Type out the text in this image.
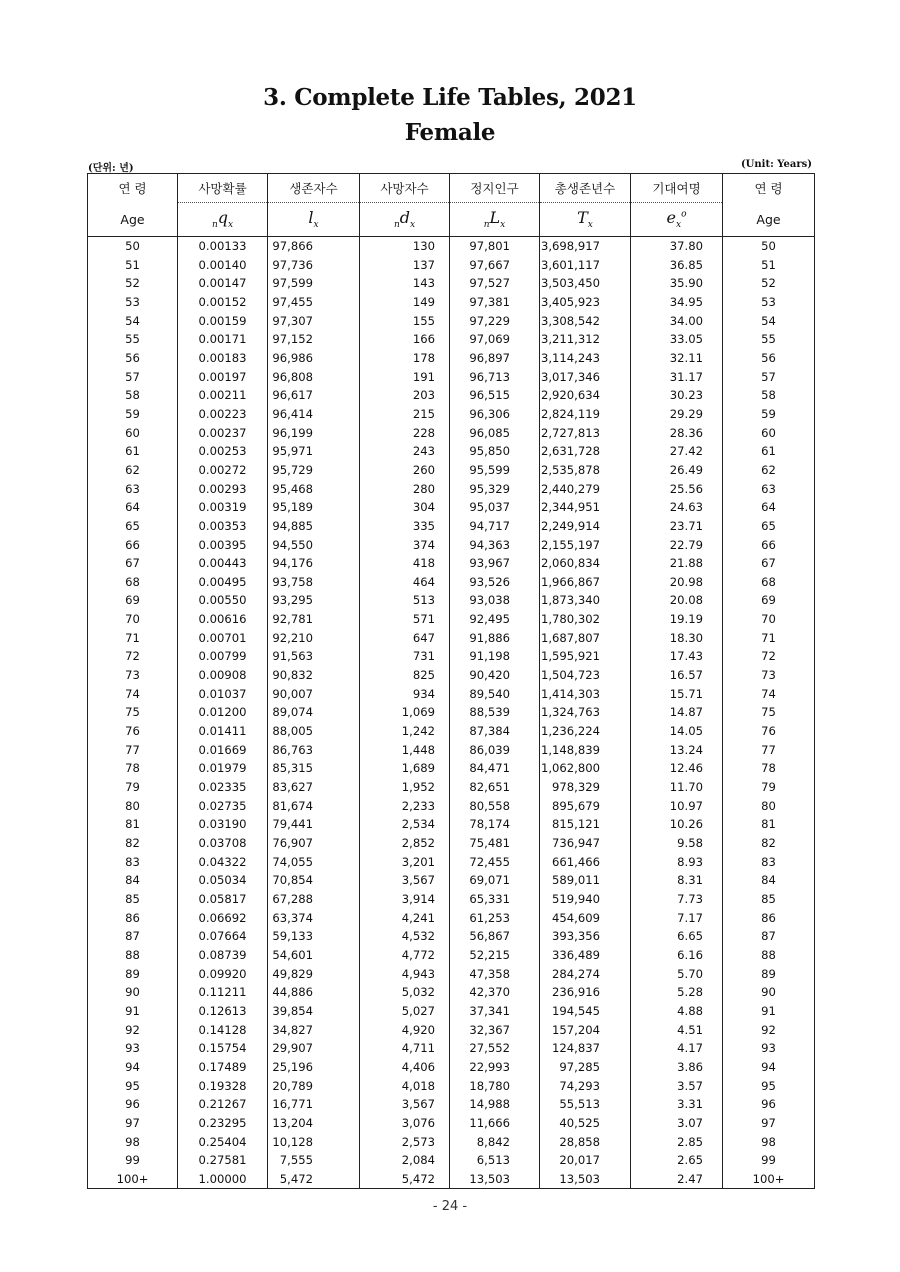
3. Complete Life Tables, 2021
Female
(단위: 년)	(Unit: Years)
연 령	사망확률	생존자수	사망자수	정지인구	총생존년수	기대여명	연 령
Age	$_nq_x$	$l_x$	$_nd_x$	$_nL_x$	$T_x$	$e_x^o$	Age
50	0.00133	97,866	130	97,801	3,698,917	37.80	50
51	0.00140	97,736	137	97,667	3,601,117	36.85	51
52	0.00147	97,599	143	97,527	3,503,450	35.90	52
53	0.00152	97,455	149	97,381	3,405,923	34.95	53
54	0.00159	97,307	155	97,229	3,308,542	34.00	54
55	0.00171	97,152	166	97,069	3,211,312	33.05	55
56	0.00183	96,986	178	96,897	3,114,243	32.11	56
57	0.00197	96,808	191	96,713	3,017,346	31.17	57
58	0.00211	96,617	203	96,515	2,920,634	30.23	58
59	0.00223	96,414	215	96,306	2,824,119	29.29	59
60	0.00237	96,199	228	96,085	2,727,813	28.36	60
61	0.00253	95,971	243	95,850	2,631,728	27.42	61
62	0.00272	95,729	260	95,599	2,535,878	26.49	62
63	0.00293	95,468	280	95,329	2,440,279	25.56	63
64	0.00319	95,189	304	95,037	2,344,951	24.63	64
65	0.00353	94,885	335	94,717	2,249,914	23.71	65
66	0.00395	94,550	374	94,363	2,155,197	22.79	66
67	0.00443	94,176	418	93,967	2,060,834	21.88	67
68	0.00495	93,758	464	93,526	1,966,867	20.98	68
69	0.00550	93,295	513	93,038	1,873,340	20.08	69
70	0.00616	92,781	571	92,495	1,780,302	19.19	70
71	0.00701	92,210	647	91,886	1,687,807	18.30	71
72	0.00799	91,563	731	91,198	1,595,921	17.43	72
73	0.00908	90,832	825	90,420	1,504,723	16.57	73
74	0.01037	90,007	934	89,540	1,414,303	15.71	74
75	0.01200	89,074	1,069	88,539	1,324,763	14.87	75
76	0.01411	88,005	1,242	87,384	1,236,224	14.05	76
77	0.01669	86,763	1,448	86,039	1,148,839	13.24	77
78	0.01979	85,315	1,689	84,471	1,062,800	12.46	78
79	0.02335	83,627	1,952	82,651	978,329	11.70	79
80	0.02735	81,674	2,233	80,558	895,679	10.97	80
81	0.03190	79,441	2,534	78,174	815,121	10.26	81
82	0.03708	76,907	2,852	75,481	736,947	9.58	82
83	0.04322	74,055	3,201	72,455	661,466	8.93	83
84	0.05034	70,854	3,567	69,071	589,011	8.31	84
85	0.05817	67,288	3,914	65,331	519,940	7.73	85
86	0.06692	63,374	4,241	61,253	454,609	7.17	86
87	0.07664	59,133	4,532	56,867	393,356	6.65	87
88	0.08739	54,601	4,772	52,215	336,489	6.16	88
89	0.09920	49,829	4,943	47,358	284,274	5.70	89
90	0.11211	44,886	5,032	42,370	236,916	5.28	90
91	0.12613	39,854	5,027	37,341	194,545	4.88	91
92	0.14128	34,827	4,920	32,367	157,204	4.51	92
93	0.15754	29,907	4,711	27,552	124,837	4.17	93
94	0.17489	25,196	4,406	22,993	97,285	3.86	94
95	0.19328	20,789	4,018	18,780	74,293	3.57	95
96	0.21267	16,771	3,567	14,988	55,513	3.31	96
97	0.23295	13,204	3,076	11,666	40,525	3.07	97
98	0.25404	10,128	2,573	8,842	28,858	2.85	98
99	0.27581	7,555	2,084	6,513	20,017	2.65	99
100+	1.00000	5,472	5,472	13,503	13,503	2.47	100+
- 24 -
